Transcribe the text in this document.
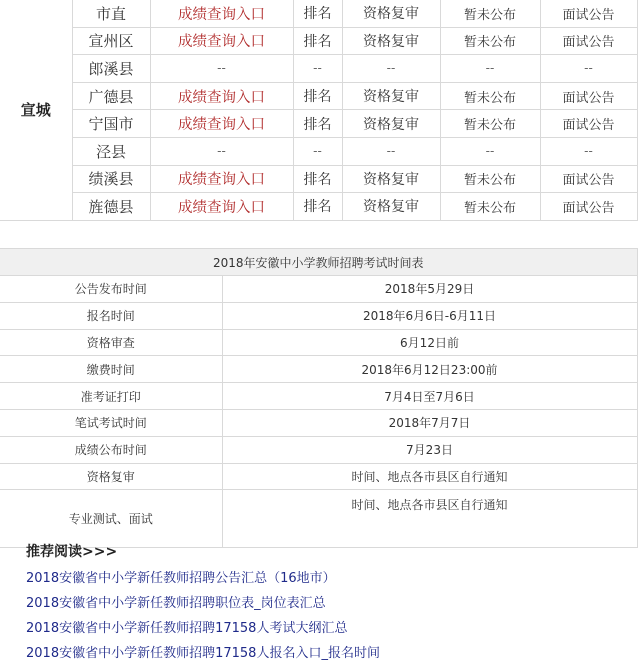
宣城	市直	成绩查询入口	排名	资格复审	暂未公布	面试公告
	宣州区	成绩查询入口	排名	资格复审	暂未公布	面试公告
	郎溪县	--	--	--	--	--
	广德县	成绩查询入口	排名	资格复审	暂未公布	面试公告
	宁国市	成绩查询入口	排名	资格复审	暂未公布	面试公告
	泾县	--	--	--	--	--
	绩溪县	成绩查询入口	排名	资格复审	暂未公布	面试公告
	旌德县	成绩查询入口	排名	资格复审	暂未公布	面试公告
2018年安徽中小学教师招聘考试时间表	
公告发布时间	2018年5月29日
报名时间	2018年6月6日-6月11日
资格审查	6月12日前
缴费时间	2018年6月12日23:00前
准考证打印	7月4日至7月6日
笔试考试时间	2018年7月7日
成绩公布时间	7月23日
资格复审	时间、地点各市县区自行通知
专业测试、面试	时间、地点各市县区自行通知
推荐阅读>>>
2018安徽省中小学新任教师招聘公告汇总（16地市）
2018安徽省中小学新任教师招聘职位表_岗位表汇总
2018安徽省中小学新任教师招聘17158人考试大纲汇总
2018安徽省中小学新任教师招聘17158人报名入口_报名时间
